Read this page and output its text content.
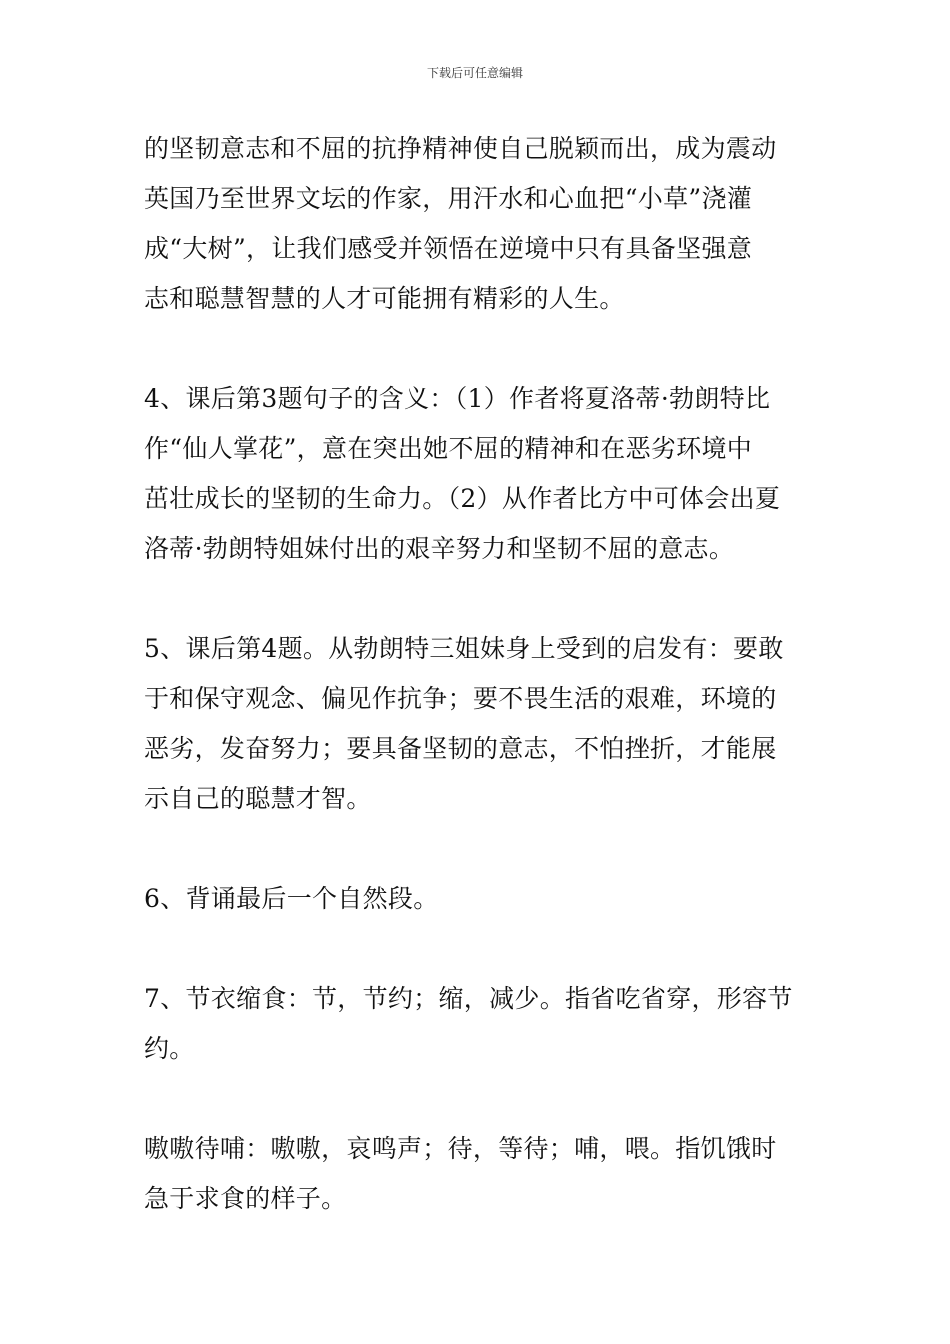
下载后可任意编辑
的坚韧意志和不屈的抗挣精神使自己脱颖而出，成为震动
英国乃至世界文坛的作家，用汗水和心血把“小草”浇灌
成“大树”，让我们感受并领悟在逆境中只有具备坚强意
志和聪慧智慧的人才可能拥有精彩的人生。
4、课后第3题句子的含义：（1）作者将夏洛蒂·勃朗特比
作“仙人掌花”，意在突出她不屈的精神和在恶劣环境中
茁壮成长的坚韧的生命力。（2）从作者比方中可体会出夏
洛蒂·勃朗特姐妹付出的艰辛努力和坚韧不屈的意志。
5、课后第4题。从勃朗特三姐妹身上受到的启发有：要敢
于和保守观念、偏见作抗争；要不畏生活的艰难，环境的
恶劣，发奋努力；要具备坚韧的意志，不怕挫折，才能展
示自己的聪慧才智。
6、背诵最后一个自然段。
7、节衣缩食：节，节约；缩，减少。指省吃省穿，形容节
约。
嗷嗷待哺：嗷嗷，哀鸣声；待，等待；哺，喂。指饥饿时
急于求食的样子。
